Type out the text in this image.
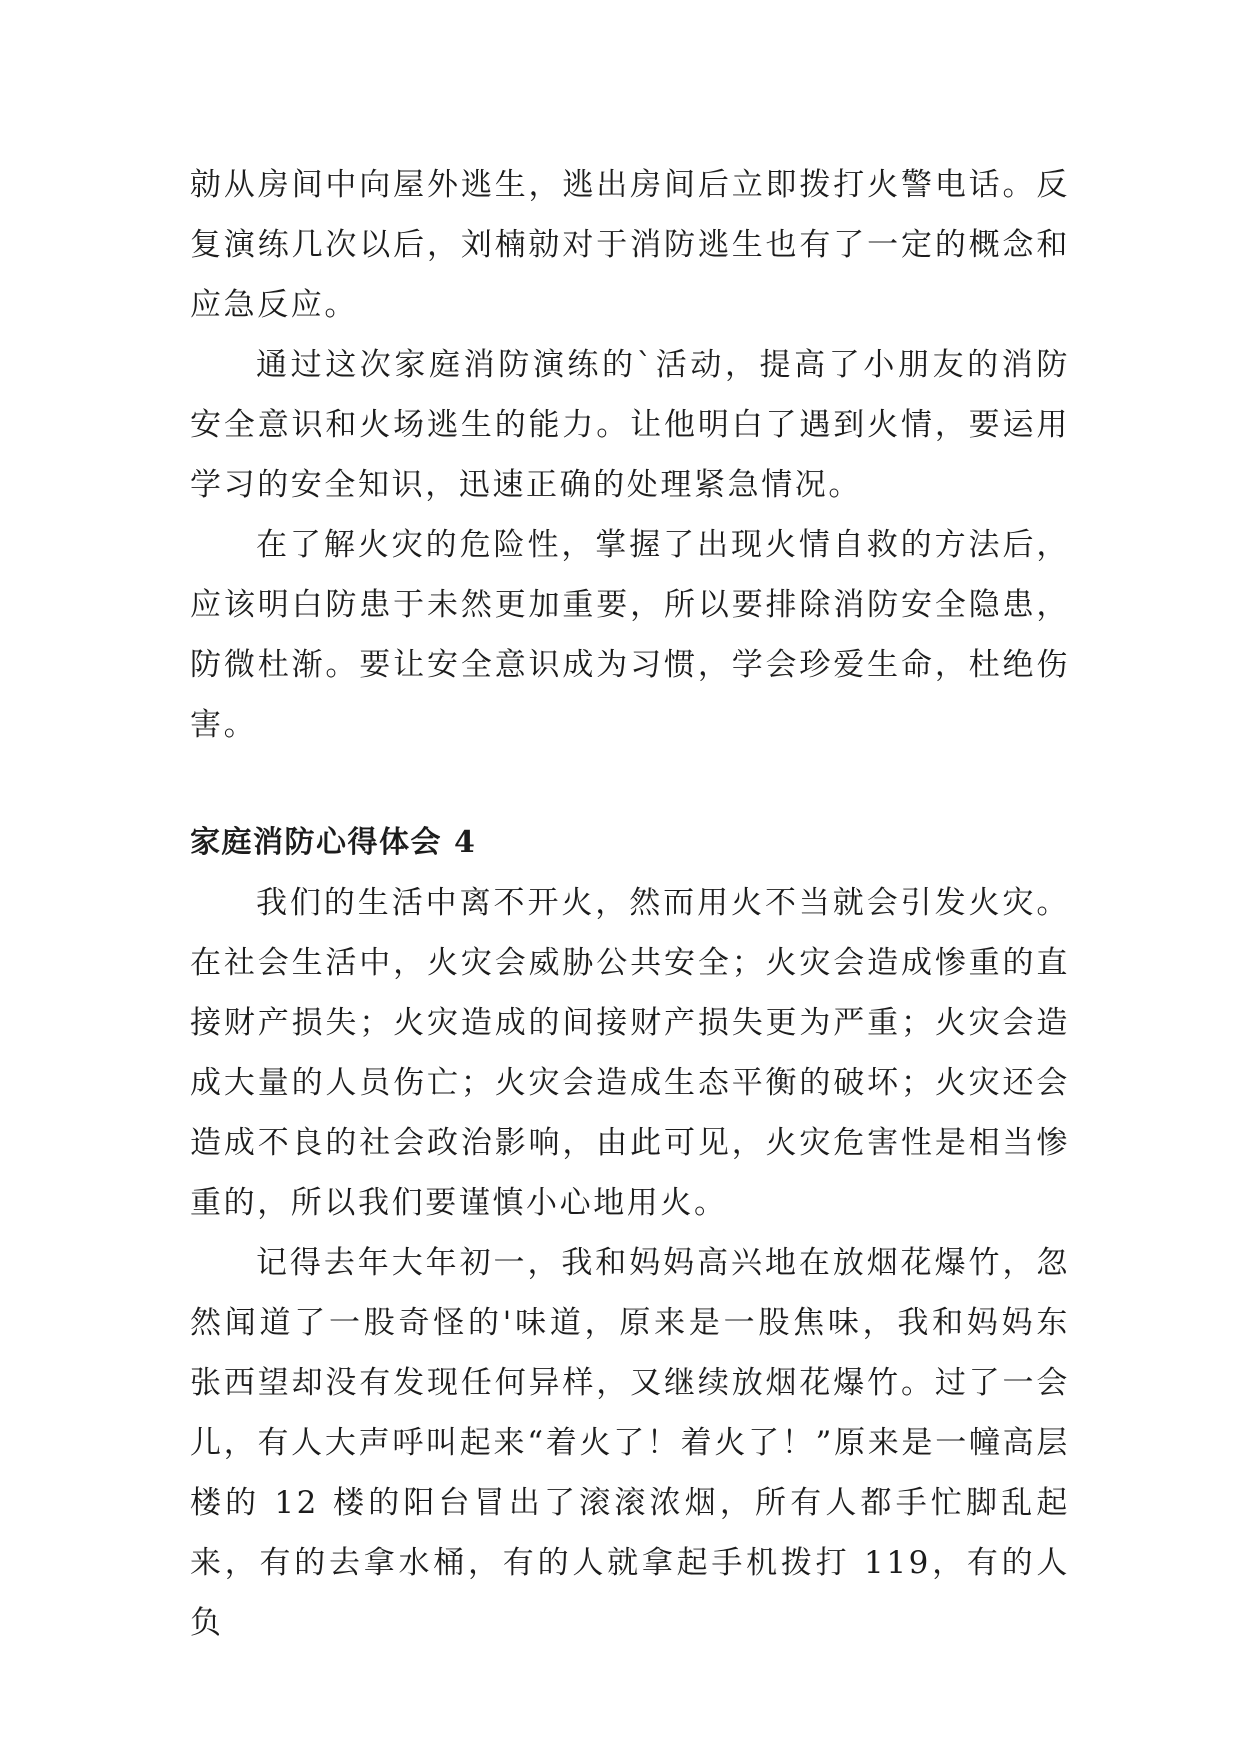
勍从房间中向屋外逃生，逃出房间后立即拨打火警电话。反复演练几次以后，刘楠勍对于消防逃生也有了一定的概念和应急反应。

通过这次家庭消防演练的`活动，提高了小朋友的消防安全意识和火场逃生的能力。让他明白了遇到火情，要运用学习的安全知识，迅速正确的处理紧急情况。

在了解火灾的危险性，掌握了出现火情自救的方法后，应该明白防患于未然更加重要，所以要排除消防安全隐患，防微杜渐。要让安全意识成为习惯，学会珍爱生命，杜绝伤害。

家庭消防心得体会 4

我们的生活中离不开火，然而用火不当就会引发火灾。在社会生活中，火灾会威胁公共安全；火灾会造成惨重的直接财产损失；火灾造成的间接财产损失更为严重；火灾会造成大量的人员伤亡；火灾会造成生态平衡的破坏；火灾还会造成不良的社会政治影响，由此可见，火灾危害性是相当惨重的，所以我们要谨慎小心地用火。

记得去年大年初一，我和妈妈高兴地在放烟花爆竹，忽然闻道了一股奇怪的'味道，原来是一股焦味，我和妈妈东张西望却没有发现任何异样，又继续放烟花爆竹。过了一会儿，有人大声呼叫起来“着火了！着火了！”原来是一幢高层楼的 12 楼的阳台冒出了滚滚浓烟，所有人都手忙脚乱起来，有的去拿水桶，有的人就拿起手机拨打 119，有的人负
